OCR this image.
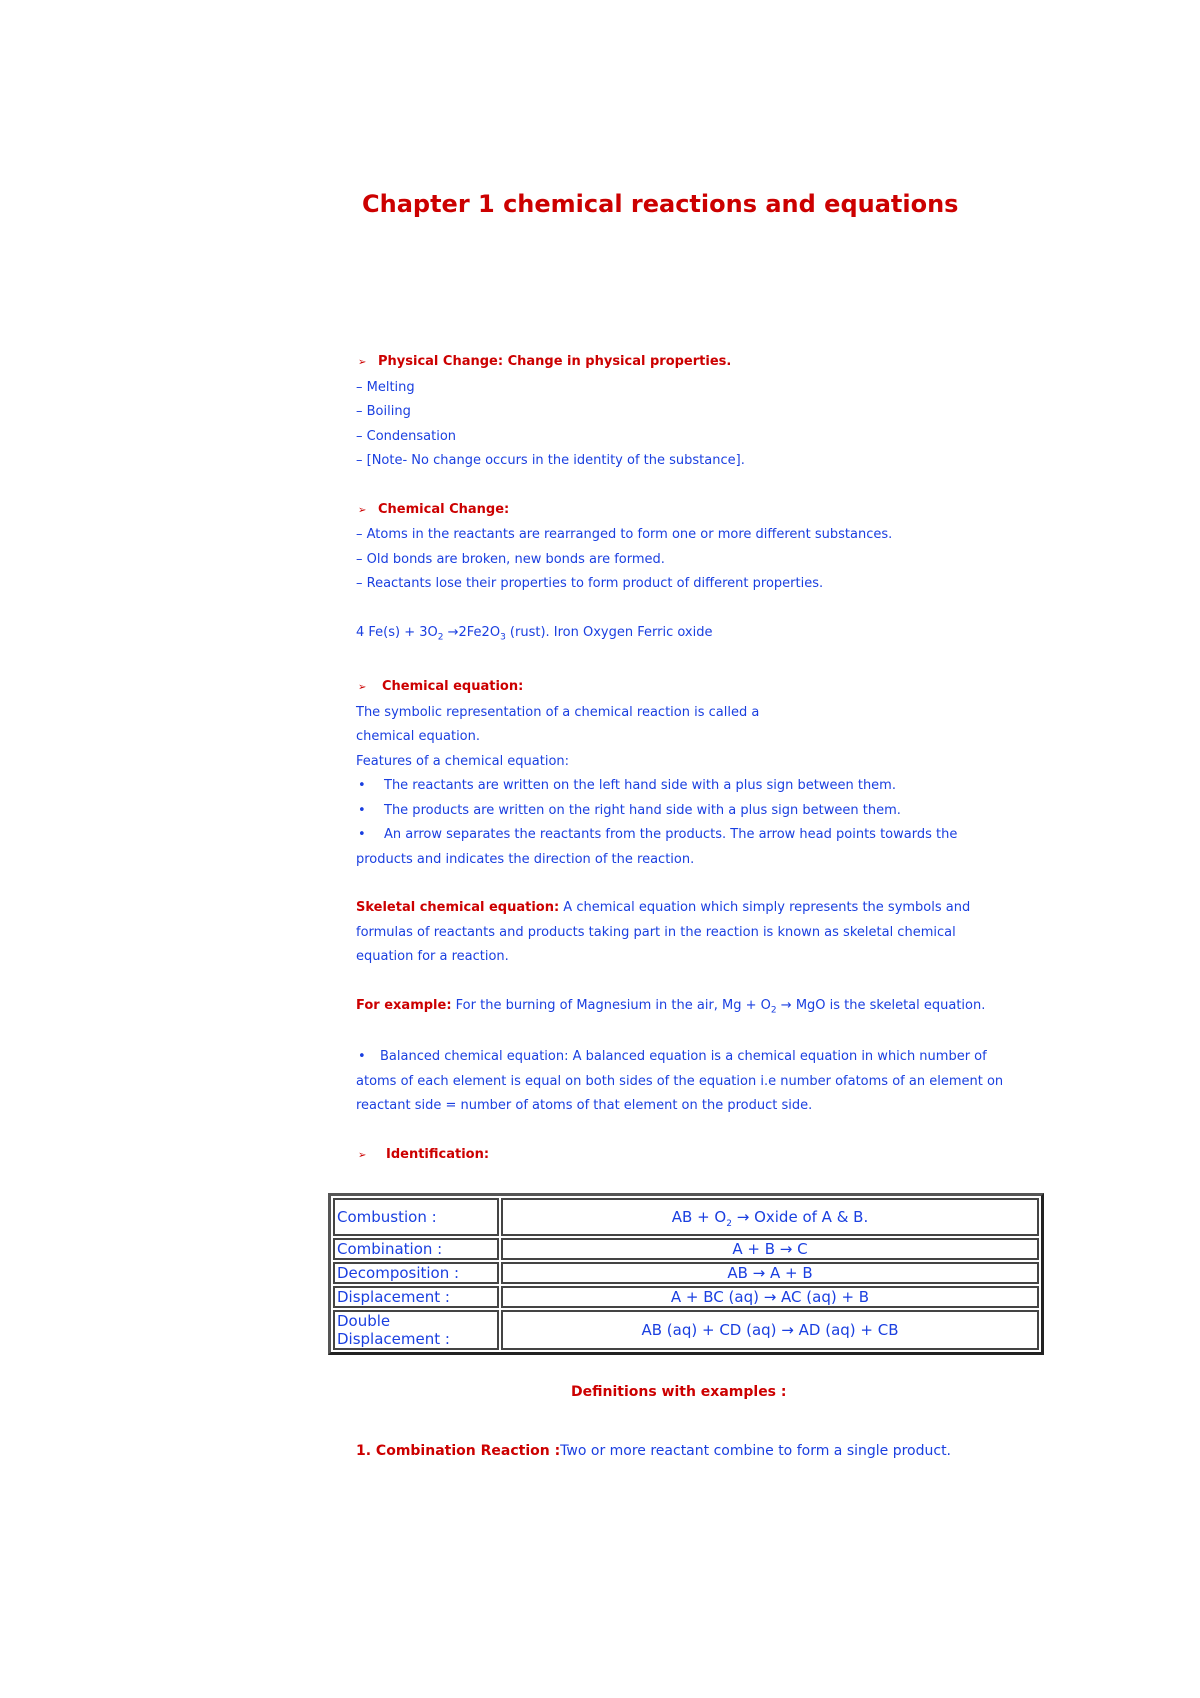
Chapter 1 chemical reactions and equations
➢ Physical Change: Change in physical properties.
– Melting
– Boiling
– Condensation
– [Note- No change occurs in the identity of the substance].
➢ Chemical Change:
– Atoms in the reactants are rearranged to form one or more different substances.
– Old bonds are broken, new bonds are formed.
– Reactants lose their properties to form product of different properties.
4 $Fe(s) + 3O_2 \to 2Fe2O_3$ (rust). Iron Oxygen Ferric oxide
➢ Chemical equation:
The symbolic representation of a chemical reaction is called a
chemical equation.
Features of a chemical equation:
• The reactants are written on the left hand side with a plus sign between them.
• The products are written on the right hand side with a plus sign between them.
• An arrow separates the reactants from the products. The arrow head points towards the
products and indicates the direction of the reaction.
Skeletal chemical equation: A chemical equation which simply represents the symbols and
formulas of reactants and products taking part in the reaction is known as skeletal chemical
equation for a reaction.
For example: For the burning of Magnesium in the air, $Mg + O_2$ → MgO is the skeletal equation.
• Balanced chemical equation: A balanced equation is a chemical equation in which number of
atoms of each element is equal on both sides of the equation i.e number ofatoms of an element on
reactant side = number of atoms of that element on the product side.
➢ Identification:
Combustion :	AB + $O_2$ → Oxide of A & B.
Combination :	A + B → C
Decomposition :	AB → A + B
Displacement :	A + BC (aq) → AC (aq) + B

Double
Displacement :	AB (aq) + CD (aq) → AD (aq) + CB
Definitions with examples :
1. Combination Reaction :Two or more reactant combine to form a single product.
